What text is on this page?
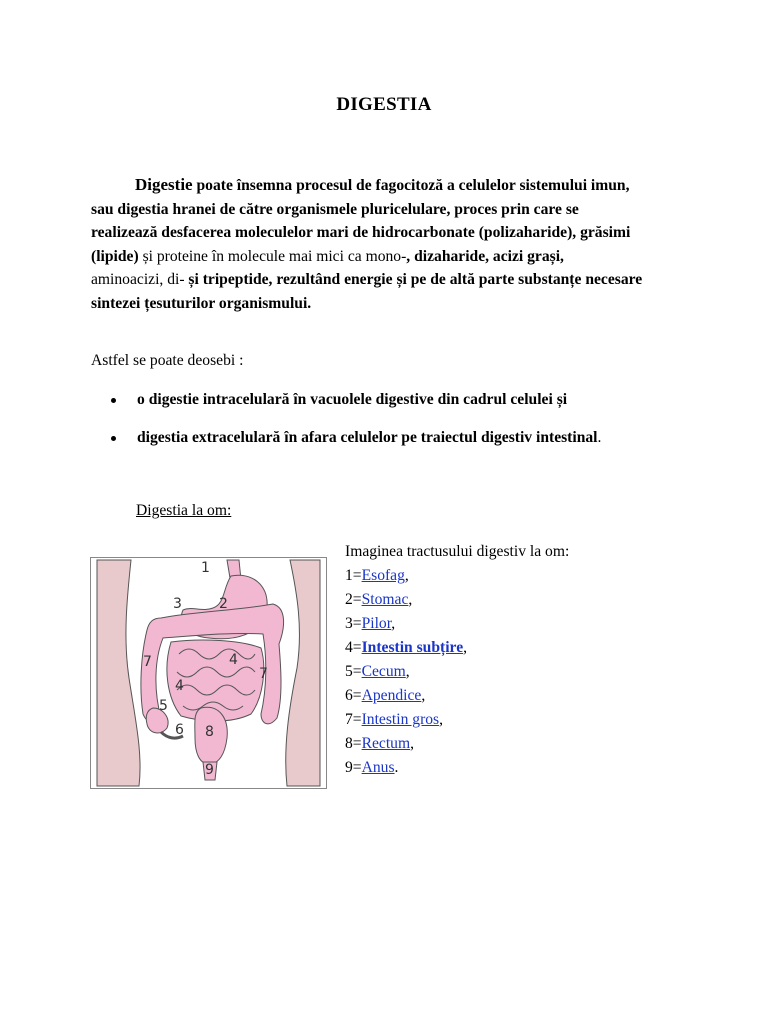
DIGESTIA
Digestie poate însemna procesul de fagocitoză a celulelor sistemului imun,
sau digestia hranei de către organismele pluricelulare, proces prin care se
realizează desfacerea moleculelor mari de hidrocarbonate (polizaharide), grăsimi
(lipide) și proteine în molecule mai mici ca mono-, dizaharide, acizi grași,
aminoacizi, di- și tripeptide, rezultând energie și pe de altă parte substanțe necesare
sintezei țesuturilor organismului.
Astfel se poate deosebi :
o digestie intracelulară în vacuolele digestive din cadrul celulei și
digestia extracelulară în afara celulelor pe traiectul digestiv intestinal.
Digestia la om:
1
2
3
4
4
5
6
7
7
8
9
Imaginea tractusului digestiv la om:
1=Esofag,
2=Stomac,
3=Pilor,
4=Intestin subțire,
5=Cecum,
6=Apendice,
7=Intestin gros,
8=Rectum,
9=Anus.
